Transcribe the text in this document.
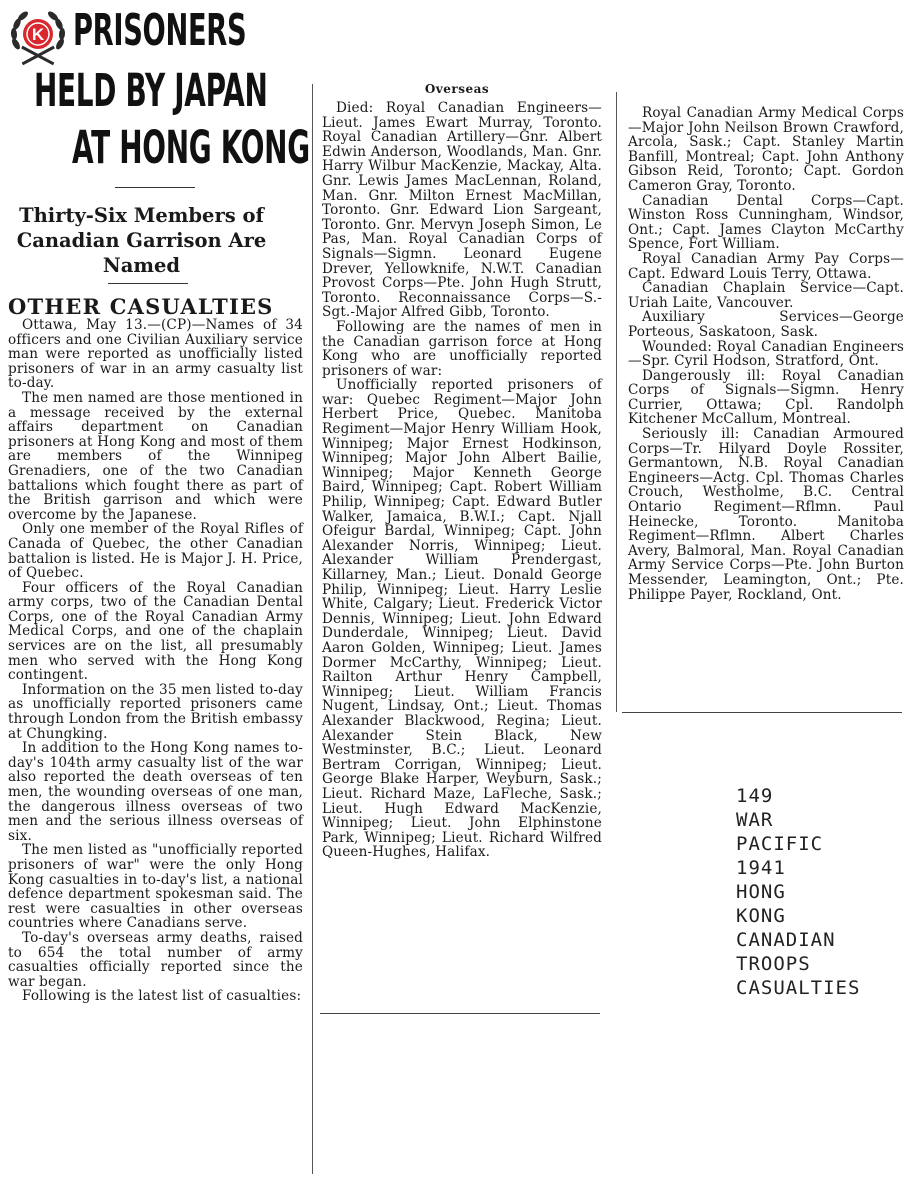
K PRISONERS
HELD BY JAPAN
AT HONG KONG
Thirty-Six Members of Canadian Garrison Are Named
OTHER CASUALTIES
Overseas

Ottawa, May 13.—(CP)—Names of 34 officers and one Civilian Auxiliary service man were reported as unofficially listed prisoners of war in an army casualty list to-day.

The men named are those mentioned in a message received by the external affairs department on Canadian prisoners at Hong Kong and most of them are members of the Winnipeg Grenadiers, one of the two Canadian battalions which fought there as part of the British garrison and which were overcome by the Japanese.

Only one member of the Royal Rifles of Canada of Quebec, the other Canadian battalion is listed. He is Major J. H. Price, of Quebec.

Four officers of the Royal Canadian army corps, two of the Canadian Dental Corps, one of the Royal Canadian Army Medical Corps, and one of the chaplain services are on the list, all presumably men who served with the Hong Kong contingent.

Information on the 35 men listed to-day as unofficially reported prisoners came through London from the British embassy at Chungking.

In addition to the Hong Kong names to-day's 104th army casualty list of the war also reported the death overseas of ten men, the wounding overseas of one man, the dangerous illness overseas of two men and the serious illness overseas of six.

The men listed as "unofficially reported prisoners of war" were the only Hong Kong casualties in to-day's list, a national defence department spokesman said. The rest were casualties in other overseas countries where Canadians serve.

To-day's overseas army deaths, raised to 654 the total number of army casualties officially reported since the war began.

Following is the latest list of casualties:

Died: Royal Canadian Engineers—Lieut. James Ewart Murray, Toronto. Royal Canadian Artillery—Gnr. Albert Edwin Anderson, Woodlands, Man. Gnr. Harry Wilbur MacKenzie, Mackay, Alta. Gnr. Lewis James MacLennan, Roland, Man. Gnr. Milton Ernest MacMillan, Toronto. Gnr. Edward Lion Sargeant, Toronto. Gnr. Mervyn Joseph Simon, Le Pas, Man. Royal Canadian Corps of Signals—Sigmn. Leonard Eugene Drever, Yellowknife, N.W.T. Canadian Provost Corps—Pte. John Hugh Strutt, Toronto. Reconnaissance Corps—S.-Sgt.-Major Alfred Gibb, Toronto.

Following are the names of men in the Canadian garrison force at Hong Kong who are unofficially reported prisoners of war:

Unofficially reported prisoners of war: Quebec Regiment—Major John Herbert Price, Quebec. Manitoba Regiment—Major Henry William Hook, Winnipeg; Major Ernest Hodkinson, Winnipeg; Major John Albert Bailie, Winnipeg; Major Kenneth George Baird, Winnipeg; Capt. Robert William Philip, Winnipeg; Capt. Edward Butler Walker, Jamaica, B.W.I.; Capt. Njall Ofeigur Bardal, Winnipeg; Capt. John Alexander Norris, Winnipeg; Lieut. Alexander William Prendergast, Killarney, Man.; Lieut. Donald George Philip, Winnipeg; Lieut. Harry Leslie White, Calgary; Lieut. Frederick Victor Dennis, Winnipeg; Lieut. John Edward Dunderdale, Winnipeg; Lieut. David Aaron Golden, Winnipeg; Lieut. James Dormer McCarthy, Winnipeg; Lieut. Railton Arthur Henry Campbell, Winnipeg; Lieut. William Francis Nugent, Lindsay, Ont.; Lieut. Thomas Alexander Blackwood, Regina; Lieut. Alexander Stein Black, New Westminster, B.C.; Lieut. Leonard Bertram Corrigan, Winnipeg; Lieut. George Blake Harper, Weyburn, Sask.; Lieut. Richard Maze, LaFleche, Sask.; Lieut. Hugh Edward MacKenzie, Winnipeg; Lieut. John Elphinstone Park, Winnipeg; Lieut. Richard Wilfred Queen-Hughes, Halifax.

Royal Canadian Army Medical Corps—Major John Neilson Brown Crawford, Arcola, Sask.; Capt. Stanley Martin Banfill, Montreal; Capt. John Anthony Gibson Reid, Toronto; Capt. Gordon Cameron Gray, Toronto.

Canadian Dental Corps—Capt. Winston Ross Cunningham, Windsor, Ont.; Capt. James Clayton McCarthy Spence, Fort William.

Royal Canadian Army Pay Corps—Capt. Edward Louis Terry, Ottawa.

Canadian Chaplain Service—Capt. Uriah Laite, Vancouver.

Auxiliary Services—George Porteous, Saskatoon, Sask.

Wounded: Royal Canadian Engineers—Spr. Cyril Hodson, Stratford, Ont.

Dangerously ill: Royal Canadian Corps of Signals—Sigmn. Henry Currier, Ottawa; Cpl. Randolph Kitchener McCallum, Montreal.

Seriously ill: Canadian Armoured Corps—Tr. Hilyard Doyle Rossiter, Germantown, N.B. Royal Canadian Engineers—Actg. Cpl. Thomas Charles Crouch, Westholme, B.C. Central Ontario Regiment—Rflmn. Paul Heinecke, Toronto. Manitoba Regiment—Rflmn. Albert Charles Avery, Balmoral, Man. Royal Canadian Army Service Corps—Pte. John Burton Messender, Leamington, Ont.; Pte. Philippe Payer, Rockland, Ont.

149
WAR
PACIFIC
1941
HONG
KONG
CANADIAN
TROOPS
CASUALTIES
